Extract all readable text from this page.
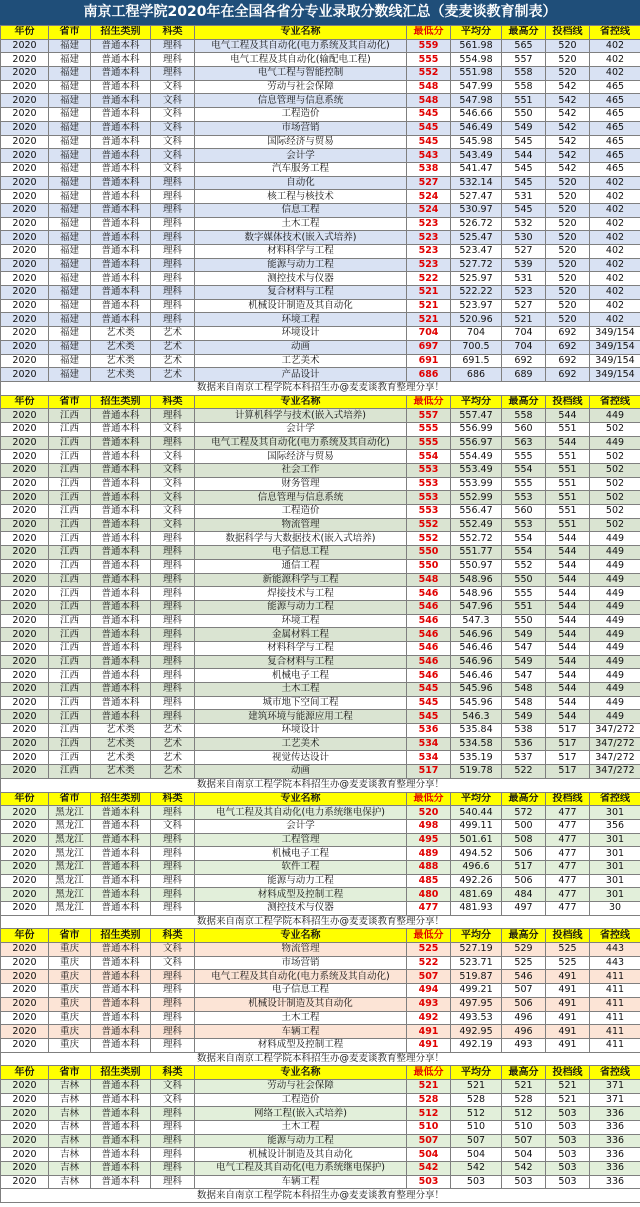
南京工程学院2020年在全国各省分专业录取分数线汇总（麦麦谈教育制表）
年份	省市	招生类别	科类	专业名称	最低分	平均分	最高分	投档线	省控线
2020	福建	普通本科	理科	电气工程及其自动化(电力系统及其自动化)	559	561.98	565	520	402
2020	福建	普通本科	理科	电气工程及其自动化(输配电工程)	555	554.98	557	520	402
2020	福建	普通本科	理科	电气工程与智能控制	552	551.98	558	520	402
2020	福建	普通本科	文科	劳动与社会保障	548	547.99	558	542	465
2020	福建	普通本科	文科	信息管理与信息系统	548	547.98	551	542	465
2020	福建	普通本科	文科	工程造价	545	546.66	550	542	465
2020	福建	普通本科	文科	市场营销	545	546.49	549	542	465
2020	福建	普通本科	文科	国际经济与贸易	545	545.98	545	542	465
2020	福建	普通本科	文科	会计学	543	543.49	544	542	465
2020	福建	普通本科	文科	汽车服务工程	538	541.47	545	542	465
2020	福建	普通本科	理科	自动化	527	532.14	545	520	402
2020	福建	普通本科	理科	核工程与核技术	524	527.47	531	520	402
2020	福建	普通本科	理科	信息工程	524	530.97	545	520	402
2020	福建	普通本科	理科	土木工程	523	526.72	532	520	402
2020	福建	普通本科	理科	数字媒体技术(嵌入式培养)	523	525.47	530	520	402
2020	福建	普通本科	理科	材料科学与工程	523	523.47	527	520	402
2020	福建	普通本科	理科	能源与动力工程	523	527.72	539	520	402
2020	福建	普通本科	理科	测控技术与仪器	522	525.97	531	520	402
2020	福建	普通本科	理科	复合材料与工程	521	522.22	523	520	402
2020	福建	普通本科	理科	机械设计制造及其自动化	521	523.97	527	520	402
2020	福建	普通本科	理科	环境工程	521	520.96	521	520	402
2020	福建	艺术类	艺术	环境设计	704	704	704	692	349/154
2020	福建	艺术类	艺术	动画	697	700.5	704	692	349/154
2020	福建	艺术类	艺术	工艺美术	691	691.5	692	692	349/154
2020	福建	艺术类	艺术	产品设计	686	686	689	692	349/154
数据来自南京工程学院本科招生办@麦麦谈教育整理分享！									
年份	省市	招生类别	科类	专业名称	最低分	平均分	最高分	投档线	省控线
2020	江西	普通本科	理科	计算机科学与技术(嵌入式培养)	557	557.47	558	544	449
2020	江西	普通本科	文科	会计学	555	556.99	560	551	502
2020	江西	普通本科	理科	电气工程及其自动化(电力系统及其自动化)	555	556.97	563	544	449
2020	江西	普通本科	文科	国际经济与贸易	554	554.49	555	551	502
2020	江西	普通本科	文科	社会工作	553	553.49	554	551	502
2020	江西	普通本科	文科	财务管理	553	553.99	555	551	502
2020	江西	普通本科	文科	信息管理与信息系统	553	552.99	553	551	502
2020	江西	普通本科	文科	工程造价	553	556.47	560	551	502
2020	江西	普通本科	文科	物流管理	552	552.49	553	551	502
2020	江西	普通本科	理科	数据科学与大数据技术(嵌入式培养)	552	552.72	554	544	449
2020	江西	普通本科	理科	电子信息工程	550	551.77	554	544	449
2020	江西	普通本科	理科	通信工程	550	550.97	552	544	449
2020	江西	普通本科	理科	新能源科学与工程	548	548.96	550	544	449
2020	江西	普通本科	理科	焊接技术与工程	546	548.96	555	544	449
2020	江西	普通本科	理科	能源与动力工程	546	547.96	551	544	449
2020	江西	普通本科	理科	环境工程	546	547.3	550	544	449
2020	江西	普通本科	理科	金属材料工程	546	546.96	549	544	449
2020	江西	普通本科	理科	材料科学与工程	546	546.46	547	544	449
2020	江西	普通本科	理科	复合材料与工程	546	546.96	549	544	449
2020	江西	普通本科	理科	机械电子工程	546	546.46	547	544	449
2020	江西	普通本科	理科	土木工程	545	545.96	548	544	449
2020	江西	普通本科	理科	城市地下空间工程	545	545.96	548	544	449
2020	江西	普通本科	理科	建筑环境与能源应用工程	545	546.3	549	544	449
2020	江西	艺术类	艺术	环境设计	536	535.84	538	517	347/272
2020	江西	艺术类	艺术	工艺美术	534	534.58	536	517	347/272
2020	江西	艺术类	艺术	视觉传达设计	534	535.19	537	517	347/272
2020	江西	艺术类	艺术	动画	517	519.78	522	517	347/272
数据来自南京工程学院本科招生办@麦麦谈教育整理分享！									
年份	省市	招生类别	科类	专业名称	最低分	平均分	最高分	投档线	省控线
2020	黑龙江	普通本科	理科	电气工程及其自动化(电力系统继电保护)	520	540.44	572	477	301
2020	黑龙江	普通本科	文科	会计学	498	499.11	500	477	356
2020	黑龙江	普通本科	理科	工程管理	495	501.61	508	477	301
2020	黑龙江	普通本科	理科	机械电子工程	489	494.52	506	477	301
2020	黑龙江	普通本科	理科	软件工程	488	496.6	517	477	301
2020	黑龙江	普通本科	理科	能源与动力工程	485	492.26	506	477	301
2020	黑龙江	普通本科	理科	材料成型及控制工程	480	481.69	484	477	301
2020	黑龙江	普通本科	理科	测控技术与仪器	477	481.93	497	477	30
数据来自南京工程学院本科招生办@麦麦谈教育整理分享！									
年份	省市	招生类别	科类	专业名称	最低分	平均分	最高分	投档线	省控线
2020	重庆	普通本科	文科	物流管理	525	527.19	529	525	443
2020	重庆	普通本科	文科	市场营销	522	523.71	525	525	443
2020	重庆	普通本科	理科	电气工程及其自动化(电力系统及其自动化)	507	519.87	546	491	411
2020	重庆	普通本科	理科	电子信息工程	494	499.21	507	491	411
2020	重庆	普通本科	理科	机械设计制造及其自动化	493	497.95	506	491	411
2020	重庆	普通本科	理科	土木工程	492	493.53	496	491	411
2020	重庆	普通本科	理科	车辆工程	491	492.95	496	491	411
2020	重庆	普通本科	理科	材料成型及控制工程	491	492.19	493	491	411
数据来自南京工程学院本科招生办@麦麦谈教育整理分享！									
年份	省市	招生类别	科类	专业名称	最低分	平均分	最高分	投档线	省控线
2020	吉林	普通本科	文科	劳动与社会保障	521	521	521	521	371
2020	吉林	普通本科	文科	工程造价	528	528	528	521	371
2020	吉林	普通本科	理科	网络工程(嵌入式培养)	512	512	512	503	336
2020	吉林	普通本科	理科	土木工程	510	510	510	503	336
2020	吉林	普通本科	理科	能源与动力工程	507	507	507	503	336
2020	吉林	普通本科	理科	机械设计制造及其自动化	504	504	504	503	336
2020	吉林	普通本科	理科	电气工程及其自动化(电力系统继电保护)	542	542	542	503	336
2020	吉林	普通本科	理科	车辆工程	503	503	503	503	336
数据来自南京工程学院本科招生办@麦麦谈教育整理分享！									
